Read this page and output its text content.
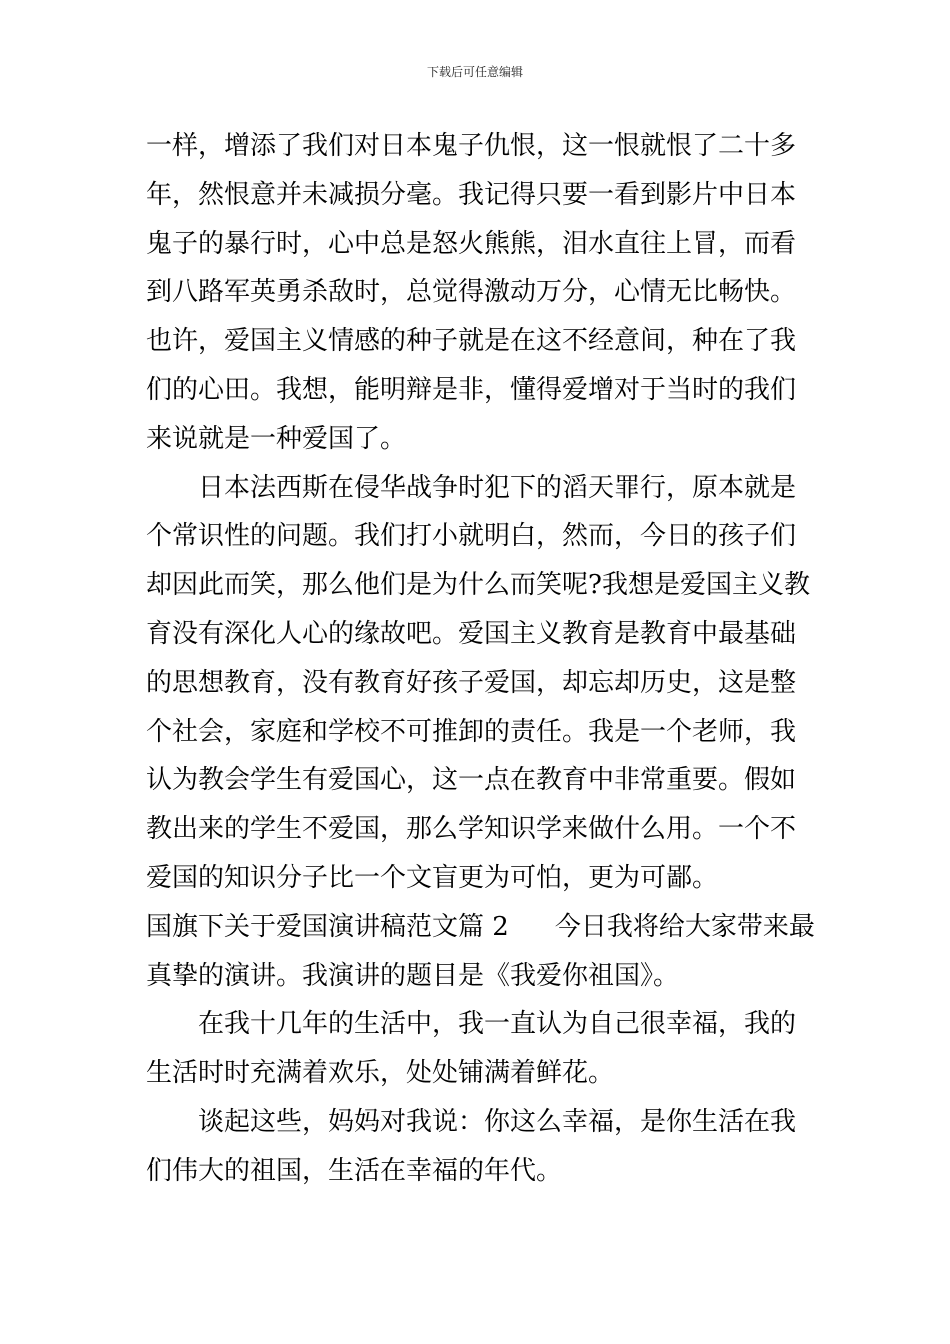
下载后可任意编辑
一样，增添了我们对日本鬼子仇恨，这一恨就恨了二十多
年，然恨意并未减损分毫。我记得只要一看到影片中日本
鬼子的暴行时，心中总是怒火熊熊，泪水直往上冒，而看
到八路军英勇杀敌时，总觉得激动万分，心情无比畅快。
也许，爱国主义情感的种子就是在这不经意间，种在了我
们的心田。我想，能明辩是非，懂得爱增对于当时的我们
来说就是一种爱国了。
日本法西斯在侵华战争时犯下的滔天罪行，原本就是
个常识性的问题。我们打小就明白，然而，今日的孩子们
却因此而笑，那么他们是为什么而笑呢?我想是爱国主义教
育没有深化人心的缘故吧。爱国主义教育是教育中最基础
的思想教育，没有教育好孩子爱国，却忘却历史，这是整
个社会，家庭和学校不可推卸的责任。我是一个老师，我
认为教会学生有爱国心，这一点在教育中非常重要。假如
教出来的学生不爱国，那么学知识学来做什么用。一个不
爱国的知识分子比一个文盲更为可怕，更为可鄙。
国旗下关于爱国演讲稿范文篇 2 今日我将给大家带来最
真挚的演讲。我演讲的题目是《我爱你祖国》。
在我十几年的生活中，我一直认为自己很幸福，我的
生活时时充满着欢乐，处处铺满着鲜花。
谈起这些，妈妈对我说：你这么幸福，是你生活在我
们伟大的祖国，生活在幸福的年代。
